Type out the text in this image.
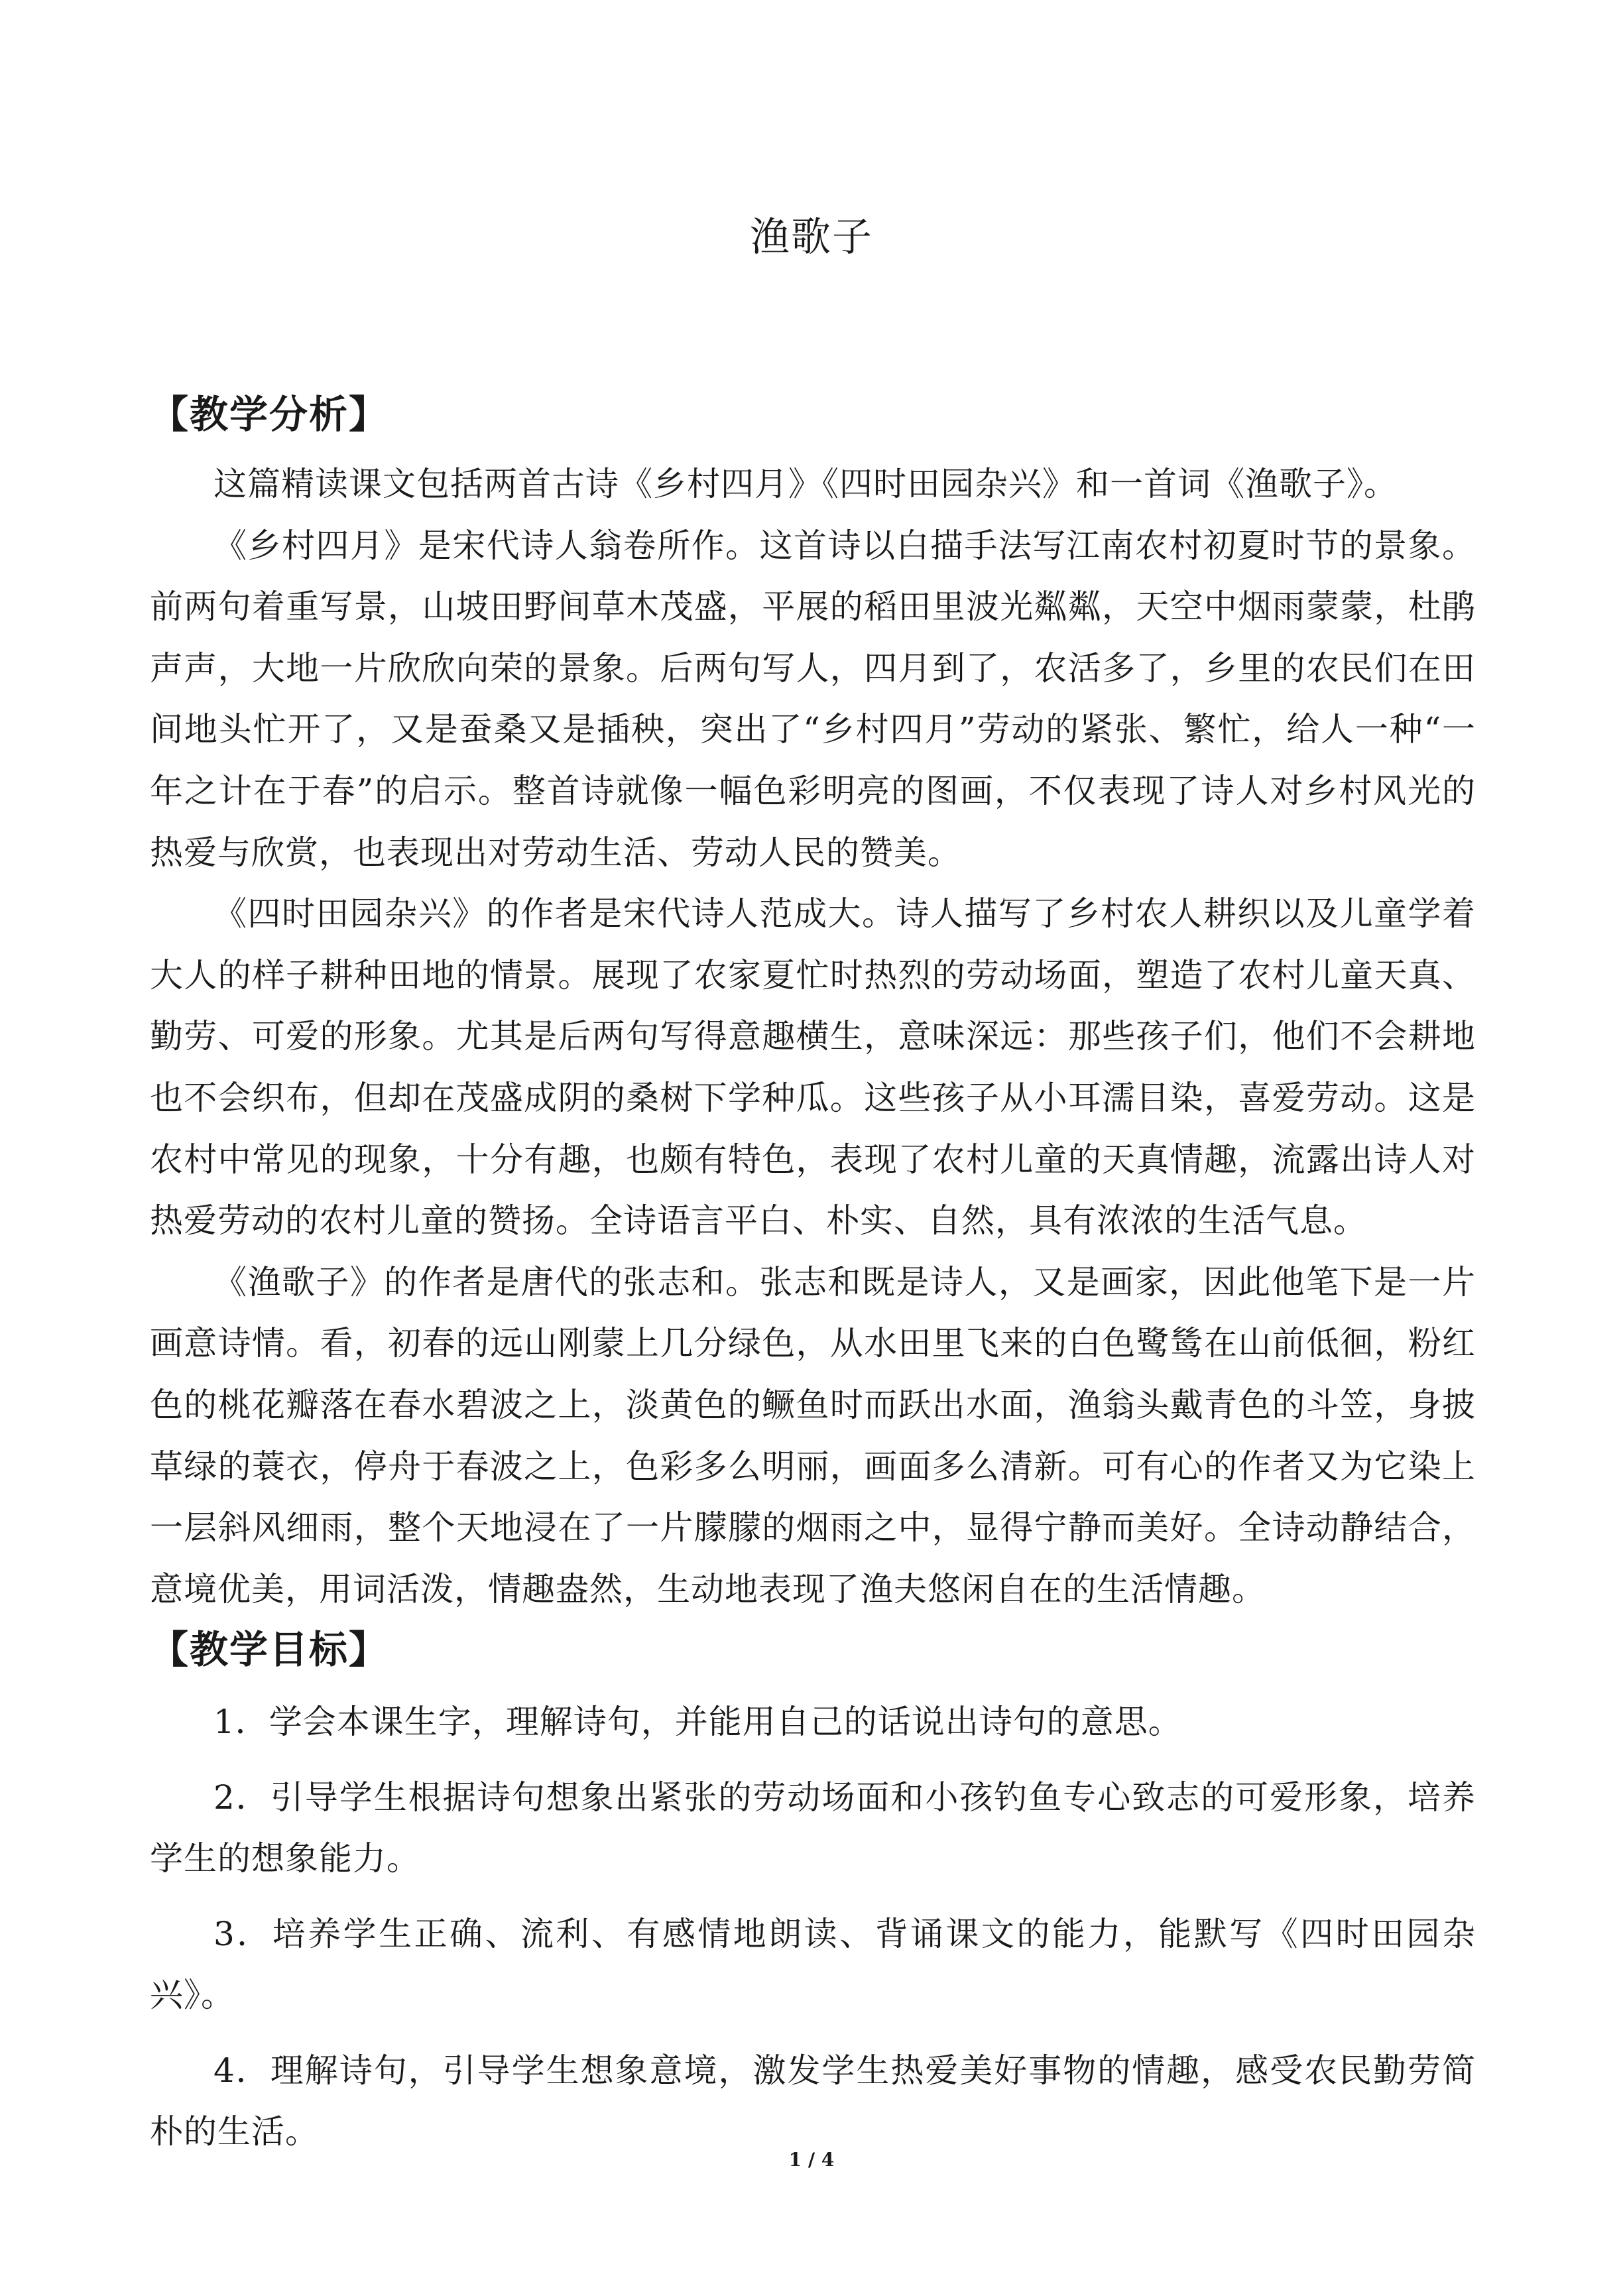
渔歌子
【教学分析】

这篇精读课文包括两首古诗《乡村四月》《四时田园杂兴》和一首词《渔歌子》。

《乡村四月》是宋代诗人翁卷所作。这首诗以白描手法写江南农村初夏时节的景象。前两句着重写景，山坡田野间草木茂盛，平展的稻田里波光粼粼，天空中烟雨蒙蒙，杜鹃声声，大地一片欣欣向荣的景象。后两句写人，四月到了，农活多了，乡里的农民们在田间地头忙开了，又是蚕桑又是插秧，突出了“乡村四月”劳动的紧张、繁忙，给人一种“一年之计在于春”的启示。整首诗就像一幅色彩明亮的图画，不仅表现了诗人对乡村风光的热爱与欣赏，也表现出对劳动生活、劳动人民的赞美。

《四时田园杂兴》的作者是宋代诗人范成大。诗人描写了乡村农人耕织以及儿童学着大人的样子耕种田地的情景。展现了农家夏忙时热烈的劳动场面，塑造了农村儿童天真、勤劳、可爱的形象。尤其是后两句写得意趣横生，意味深远：那些孩子们，他们不会耕地也不会织布，但却在茂盛成阴的桑树下学种瓜。这些孩子从小耳濡目染，喜爱劳动。这是农村中常见的现象，十分有趣，也颇有特色，表现了农村儿童的天真情趣，流露出诗人对热爱劳动的农村儿童的赞扬。全诗语言平白、朴实、自然，具有浓浓的生活气息。

《渔歌子》的作者是唐代的张志和。张志和既是诗人，又是画家，因此他笔下是一片画意诗情。看，初春的远山刚蒙上几分绿色，从水田里飞来的白色鹭鸶在山前低徊，粉红色的桃花瓣落在春水碧波之上，淡黄色的鳜鱼时而跃出水面，渔翁头戴青色的斗笠，身披草绿的蓑衣，停舟于春波之上，色彩多么明丽，画面多么清新。可有心的作者又为它染上一层斜风细雨，整个天地浸在了一片朦朦的烟雨之中，显得宁静而美好。全诗动静结合，意境优美，用词活泼，情趣盎然，生动地表现了渔夫悠闲自在的生活情趣。

【教学目标】

1．学会本课生字，理解诗句，并能用自己的话说出诗句的意思。

2．引导学生根据诗句想象出紧张的劳动场面和小孩钓鱼专心致志的可爱形象，培养学生的想象能力。

3．培养学生正确、流利、有感情地朗读、背诵课文的能力，能默写《四时田园杂兴》。

4．理解诗句，引导学生想象意境，激发学生热爱美好事物的情趣，感受农民勤劳简朴的生活。

1 / 4
